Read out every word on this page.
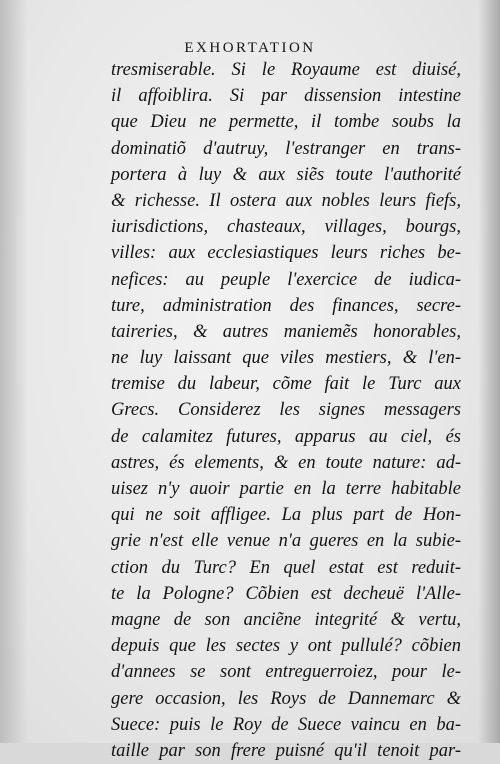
EXHORTATION
tresmiserable. Si le Royaume est diuisé,
il affoiblira. Si par dissension intestine
que Dieu ne permette, il tombe soubs la
dominatiõ d'autruy, l'estranger en trans-
portera à luy & aux siẽs toute l'authorité
& richesse. Il ostera aux nobles leurs fiefs,
iurisdictions, chasteaux, villages, bourgs,
villes: aux ecclesiastiques leurs riches be-
nefices: au peuple l'exercice de iudica-
ture, administration des finances, secre-
taireries, & autres maniemẽs honorables,
ne luy laissant que viles mestiers, & l'en-
tremise du labeur, cõme fait le Turc aux
Grecs. Considerez les signes messagers
de calamitez futures, apparus au ciel, és
astres, és elements, & en toute nature: ad-
uisez n'y auoir partie en la terre habitable
qui ne soit affligee. La plus part de Hon-
grie n'est elle venue n'a gueres en la subie-
ction du Turc? En quel estat est reduit-
te la Pologne? Cõbien est decheuë l'Alle-
magne de son anciẽne integrité & vertu,
depuis que les sectes y ont pullulé? cõbien
d'annees se sont entreguerroiez, pour le-
gere occasion, les Roys de Dannemarc &
Suece: puis le Roy de Suece vaincu en ba-
taille par son frere puisné qu'il tenoit par-
